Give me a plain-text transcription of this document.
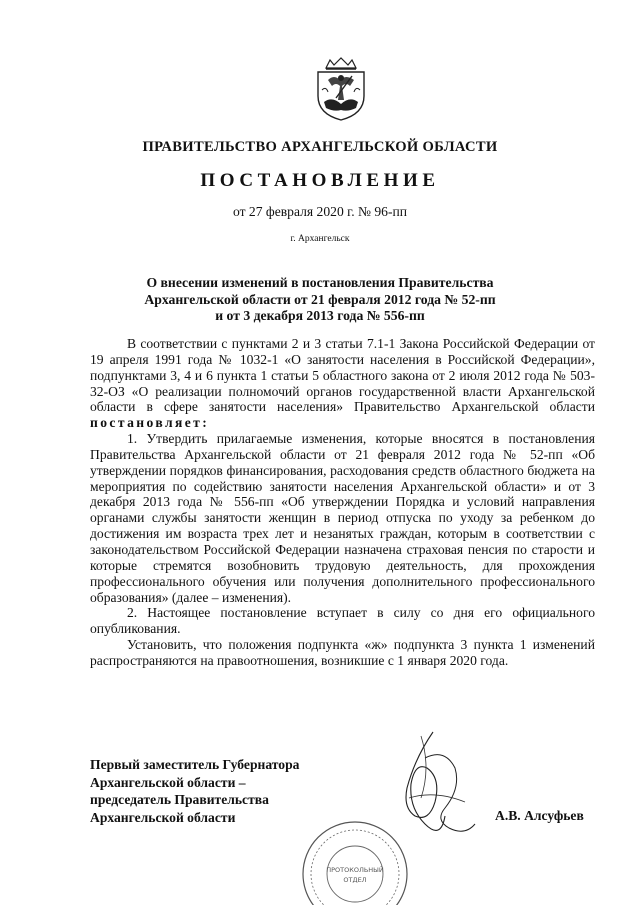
ПРАВИТЕЛЬСТВО АРХАНГЕЛЬСКОЙ ОБЛАСТИ
ПОСТАНОВЛЕНИЕ
от 27 февраля 2020 г. № 96-пп
г. Архангельск
О внесении изменений в постановления Правительства
Архангельской области от 21 февраля 2012 года № 52-пп
и от 3 декабря 2013 года № 556-пп

В соответствии с пунктами 2 и 3 статьи 7.1-1 Закона Российской Федерации от 19 апреля 1991 года № 1032-1 «О занятости населения в Российской Федерации», подпунктами 3, 4 и 6 пункта 1 статьи 5 областного закона от 2 июля 2012 года № 503-32-ОЗ «О реализации полномочий органов государственной власти Архангельской области в сфере занятости населения» Правительство Архангельской области постановляет:

1. Утвердить прилагаемые изменения, которые вносятся в постановления Правительства Архангельской области от 21 февраля 2012 года № 52-пп «Об утверждении порядков финансирования, расходования средств областного бюджета на мероприятия по содействию занятости населения Архангельской области» и от 3 декабря 2013 года № 556-пп «Об утверждении Порядка и условий направления органами службы занятости женщин в период отпуска по уходу за ребенком до достижения им возраста трех лет и незанятых граждан, которым в соответствии с законодательством Российской Федерации назначена страховая пенсия по старости и которые стремятся возобновить трудовую деятельность, для прохождения профессионального обучения или получения дополнительного профессионального образования» (далее – изменения).

2. Настоящее постановление вступает в силу со дня его официального опубликования.

Установить, что положения подпункта «ж» подпункта 3 пункта 1 изменений распространяются на правоотношения, возникшие с 1 января 2020 года.

Первый заместитель Губернатора
Архангельской области –
председатель Правительства
Архангельской области	А.В. Алсуфьев
ПРОТОКОЛЬНЫЙ
ОТДЕЛ
